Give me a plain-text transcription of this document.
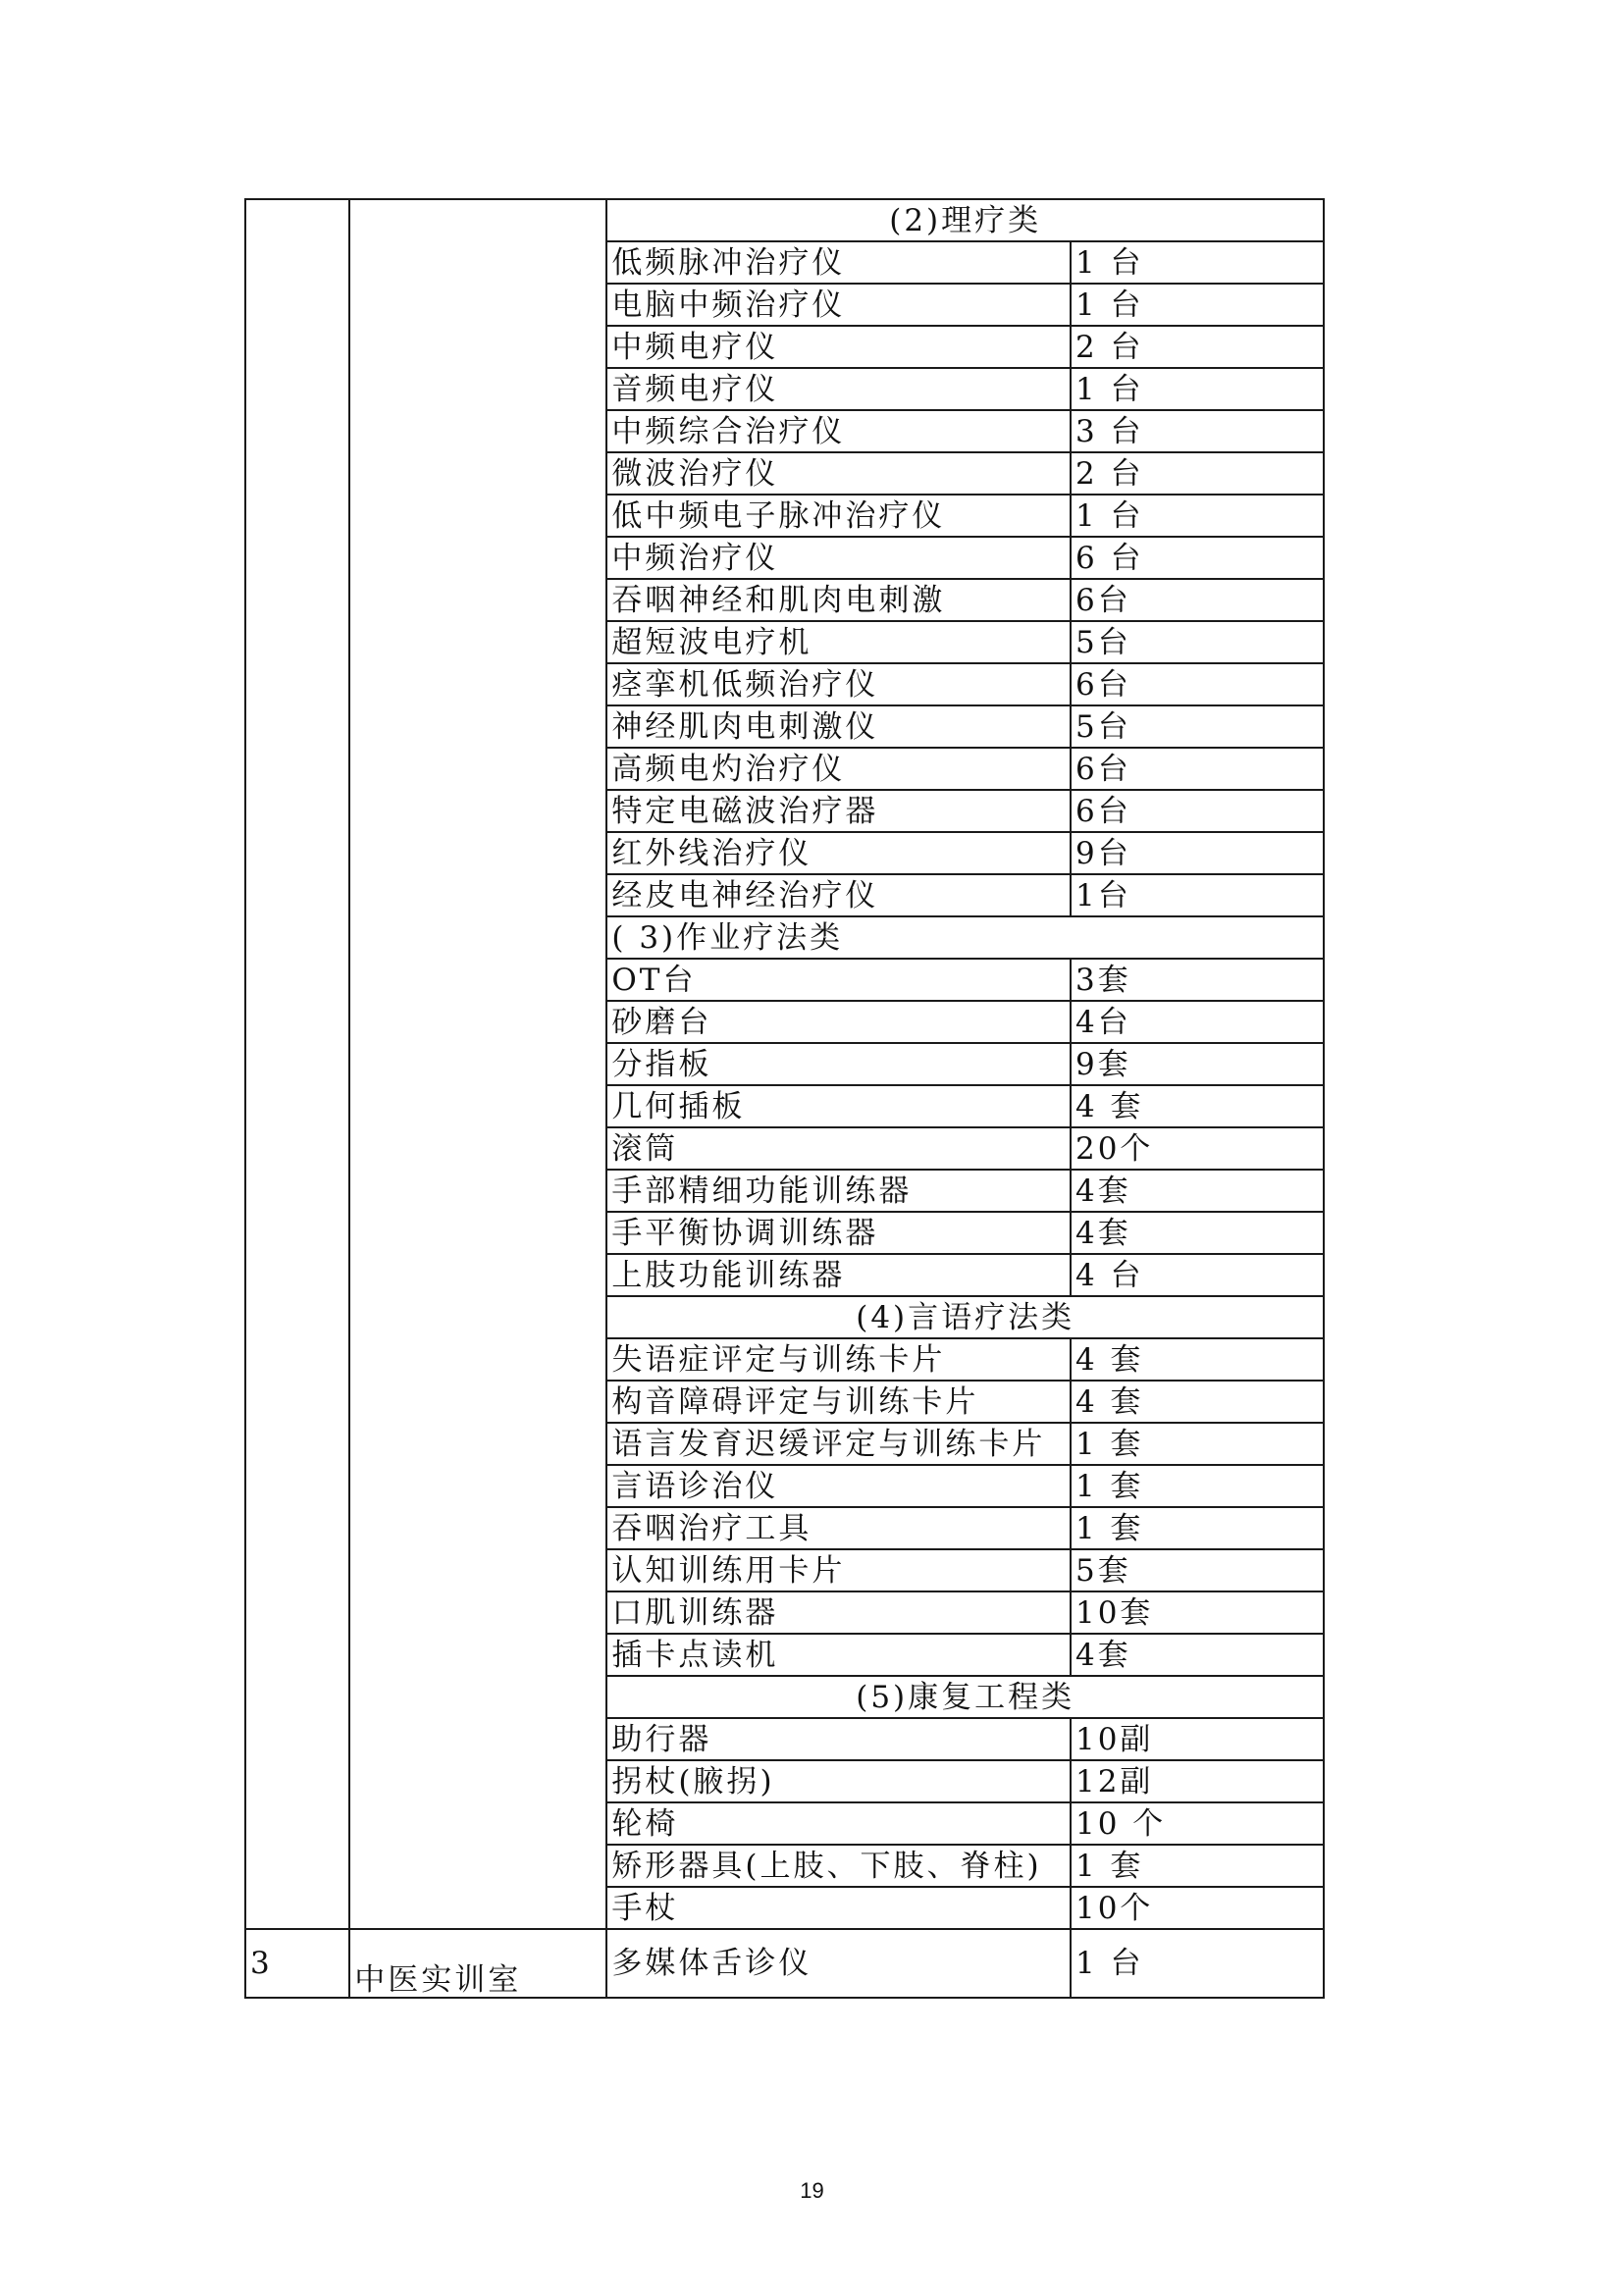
		(2)理疗类	
		低频脉冲治疗仪	1 台
		电脑中频治疗仪	1 台
		中频电疗仪	2 台
		音频电疗仪	1 台
		中频综合治疗仪	3 台
		微波治疗仪	2 台
		低中频电子脉冲治疗仪	1 台
		中频治疗仪	6 台
		吞咽神经和肌肉电刺激	6台
		超短波电疗机	5台
		痉挛机低频治疗仪	6台
		神经肌肉电刺激仪	5台
		高频电灼治疗仪	6台
		特定电磁波治疗器	6台
		红外线治疗仪	9台
		经皮电神经治疗仪	1台
		( 3)作业疗法类	
		OT台	3套
		砂磨台	4台
		分指板	9套
		几何插板	4 套
		滚筒	20个
		手部精细功能训练器	4套
		手平衡协调训练器	4套
		上肢功能训练器	4 台
		(4)言语疗法类	
		失语症评定与训练卡片	4 套
		构音障碍评定与训练卡片	4 套
		语言发育迟缓评定与训练卡片	1 套
		言语诊治仪	1 套
		吞咽治疗工具	1 套
		认知训练用卡片	5套
		口肌训练器	10套
		插卡点读机	4套
		(5)康复工程类	
		助行器	10副
		拐杖(腋拐)	12副
		轮椅	10 个
		矫形器具(上肢、下肢、脊柱)	1 套
		手杖	10个
3	中医实训室	多媒体舌诊仪	1 台
19
